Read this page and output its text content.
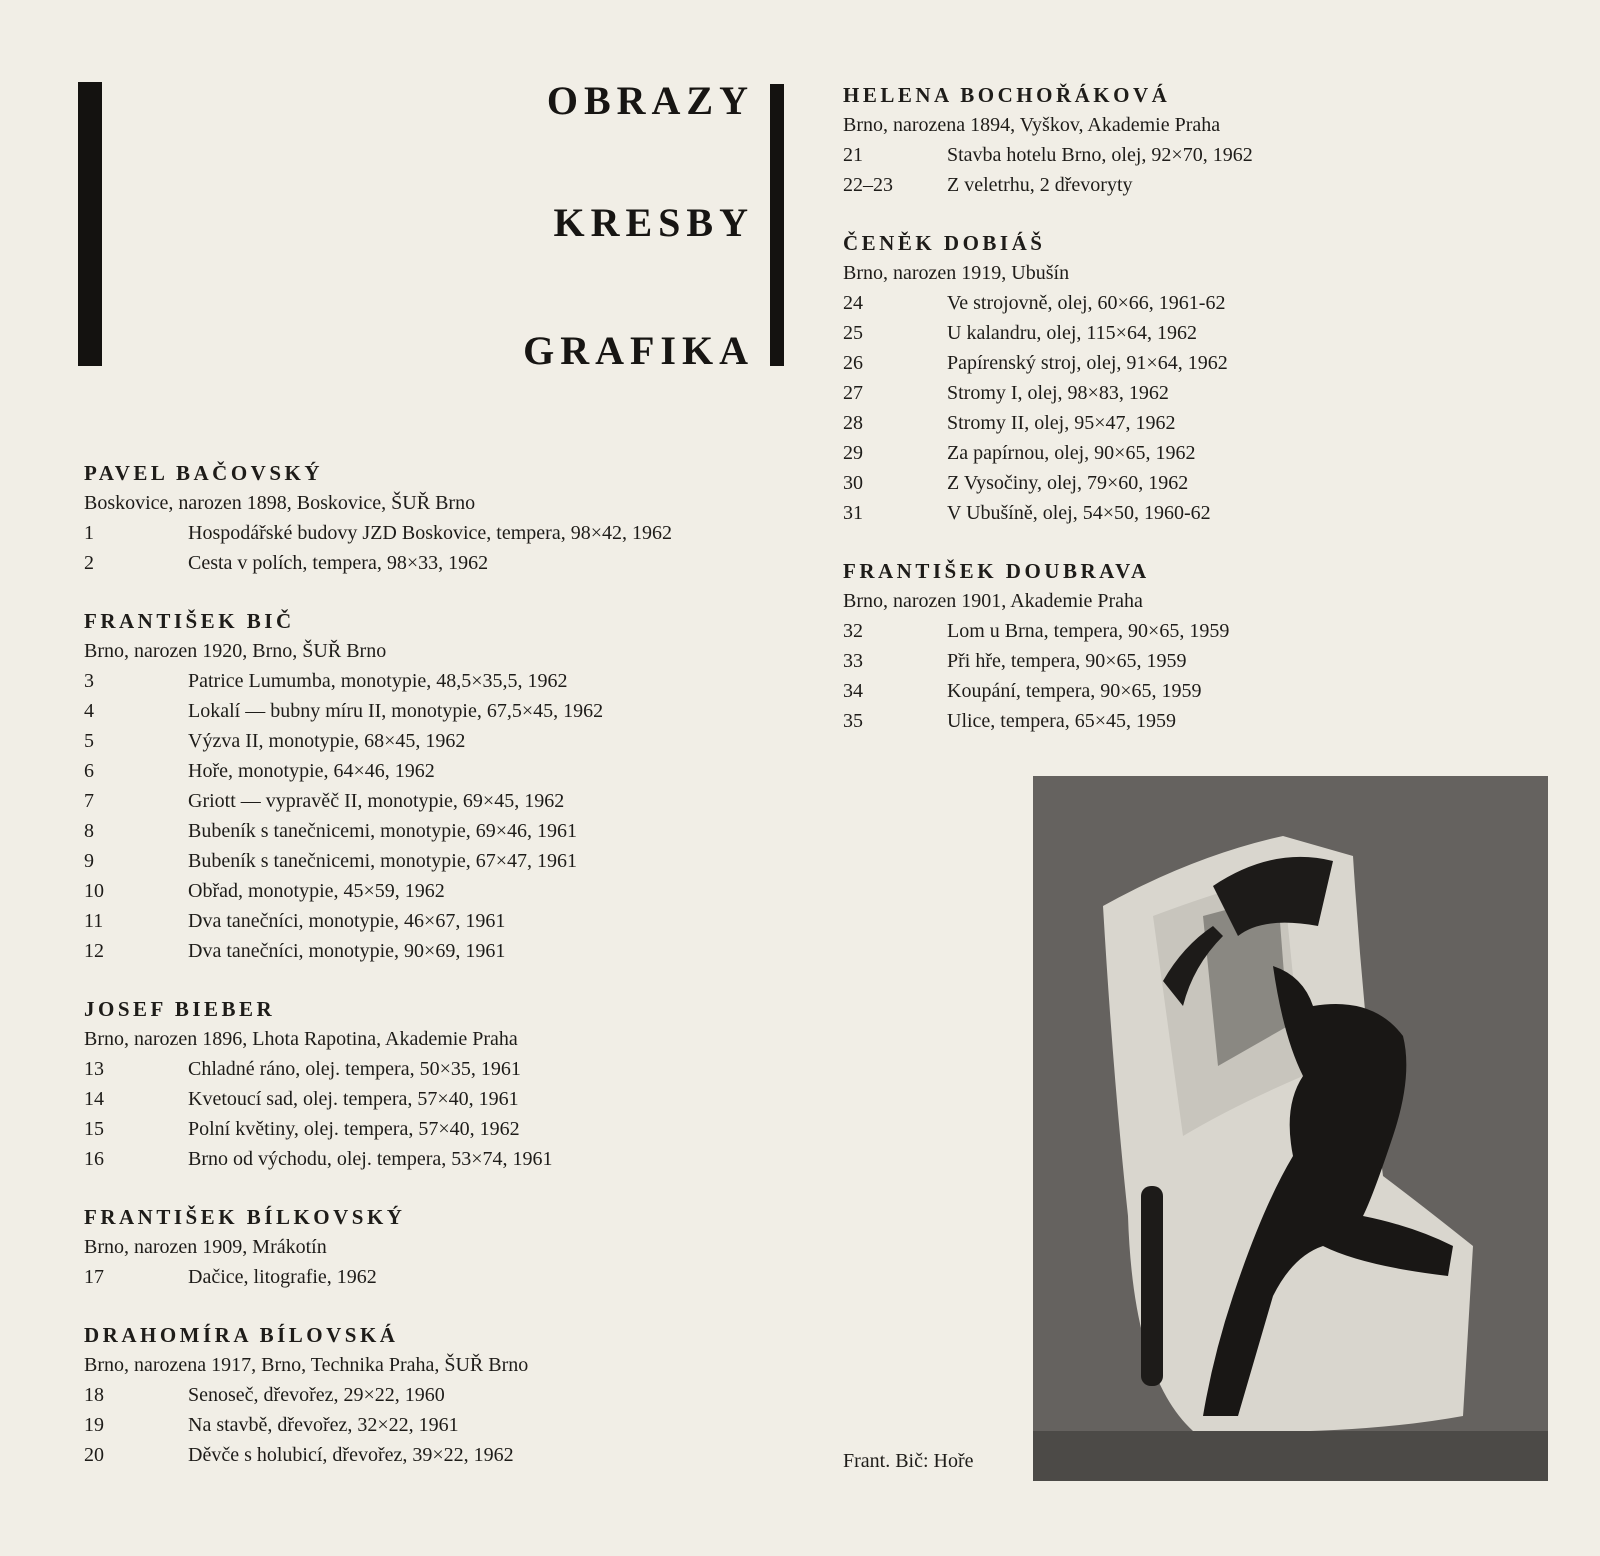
OBRAZY
KRESBY
GRAFIKA
PAVEL BAČOVSKÝ
Boskovice, narozen 1898, Boskovice, ŠUŘ Brno
1	Hospodářské budovy JZD Boskovice, tempera, 98×42, 1962
2	Cesta v polích, tempera, 98×33, 1962
FRANTIŠEK BIČ
Brno, narozen 1920, Brno, ŠUŘ Brno
3	Patrice Lumumba, monotypie, 48,5×35,5, 1962
4	Lokalí — bubny míru II, monotypie, 67,5×45, 1962
5	Výzva II, monotypie, 68×45, 1962
6	Hoře, monotypie, 64×46, 1962
7	Griott — vypravěč II, monotypie, 69×45, 1962
8	Bubeník s tanečnicemi, monotypie, 69×46, 1961
9	Bubeník s tanečnicemi, monotypie, 67×47, 1961
10	Obřad, monotypie, 45×59, 1962
11	Dva tanečníci, monotypie, 46×67, 1961
12	Dva tanečníci, monotypie, 90×69, 1961
JOSEF BIEBER
Brno, narozen 1896, Lhota Rapotina, Akademie Praha
13	Chladné ráno, olej. tempera, 50×35, 1961
14	Kvetoucí sad, olej. tempera, 57×40, 1961
15	Polní květiny, olej. tempera, 57×40, 1962
16	Brno od východu, olej. tempera, 53×74, 1961
FRANTIŠEK BÍLKOVSKÝ
Brno, narozen 1909, Mrákotín
17	Dačice, litografie, 1962
DRAHOMÍRA BÍLOVSKÁ
Brno, narozena 1917, Brno, Technika Praha, ŠUŘ Brno
18	Senoseč, dřevořez, 29×22, 1960
19	Na stavbě, dřevořez, 32×22, 1961
20	Děvče s holubicí, dřevořez, 39×22, 1962
HELENA BOCHOŘÁKOVÁ
Brno, narozena 1894, Vyškov, Akademie Praha
21	Stavba hotelu Brno, olej, 92×70, 1962
22–23	Z veletrhu, 2 dřevoryty
ČENĚK DOBIÁŠ
Brno, narozen 1919, Ubušín
24	Ve strojovně, olej, 60×66, 1961-62
25	U kalandru, olej, 115×64, 1962
26	Papírenský stroj, olej, 91×64, 1962
27	Stromy I, olej, 98×83, 1962
28	Stromy II, olej, 95×47, 1962
29	Za papírnou, olej, 90×65, 1962
30	Z Vysočiny, olej, 79×60, 1962
31	V Ubušíně, olej, 54×50, 1960-62
FRANTIŠEK DOUBRAVA
Brno, narozen 1901, Akademie Praha
32	Lom u Brna, tempera, 90×65, 1959
33	Při hře, tempera, 90×65, 1959
34	Koupání, tempera, 90×65, 1959
35	Ulice, tempera, 65×45, 1959
Frant. Bič: Hoře
